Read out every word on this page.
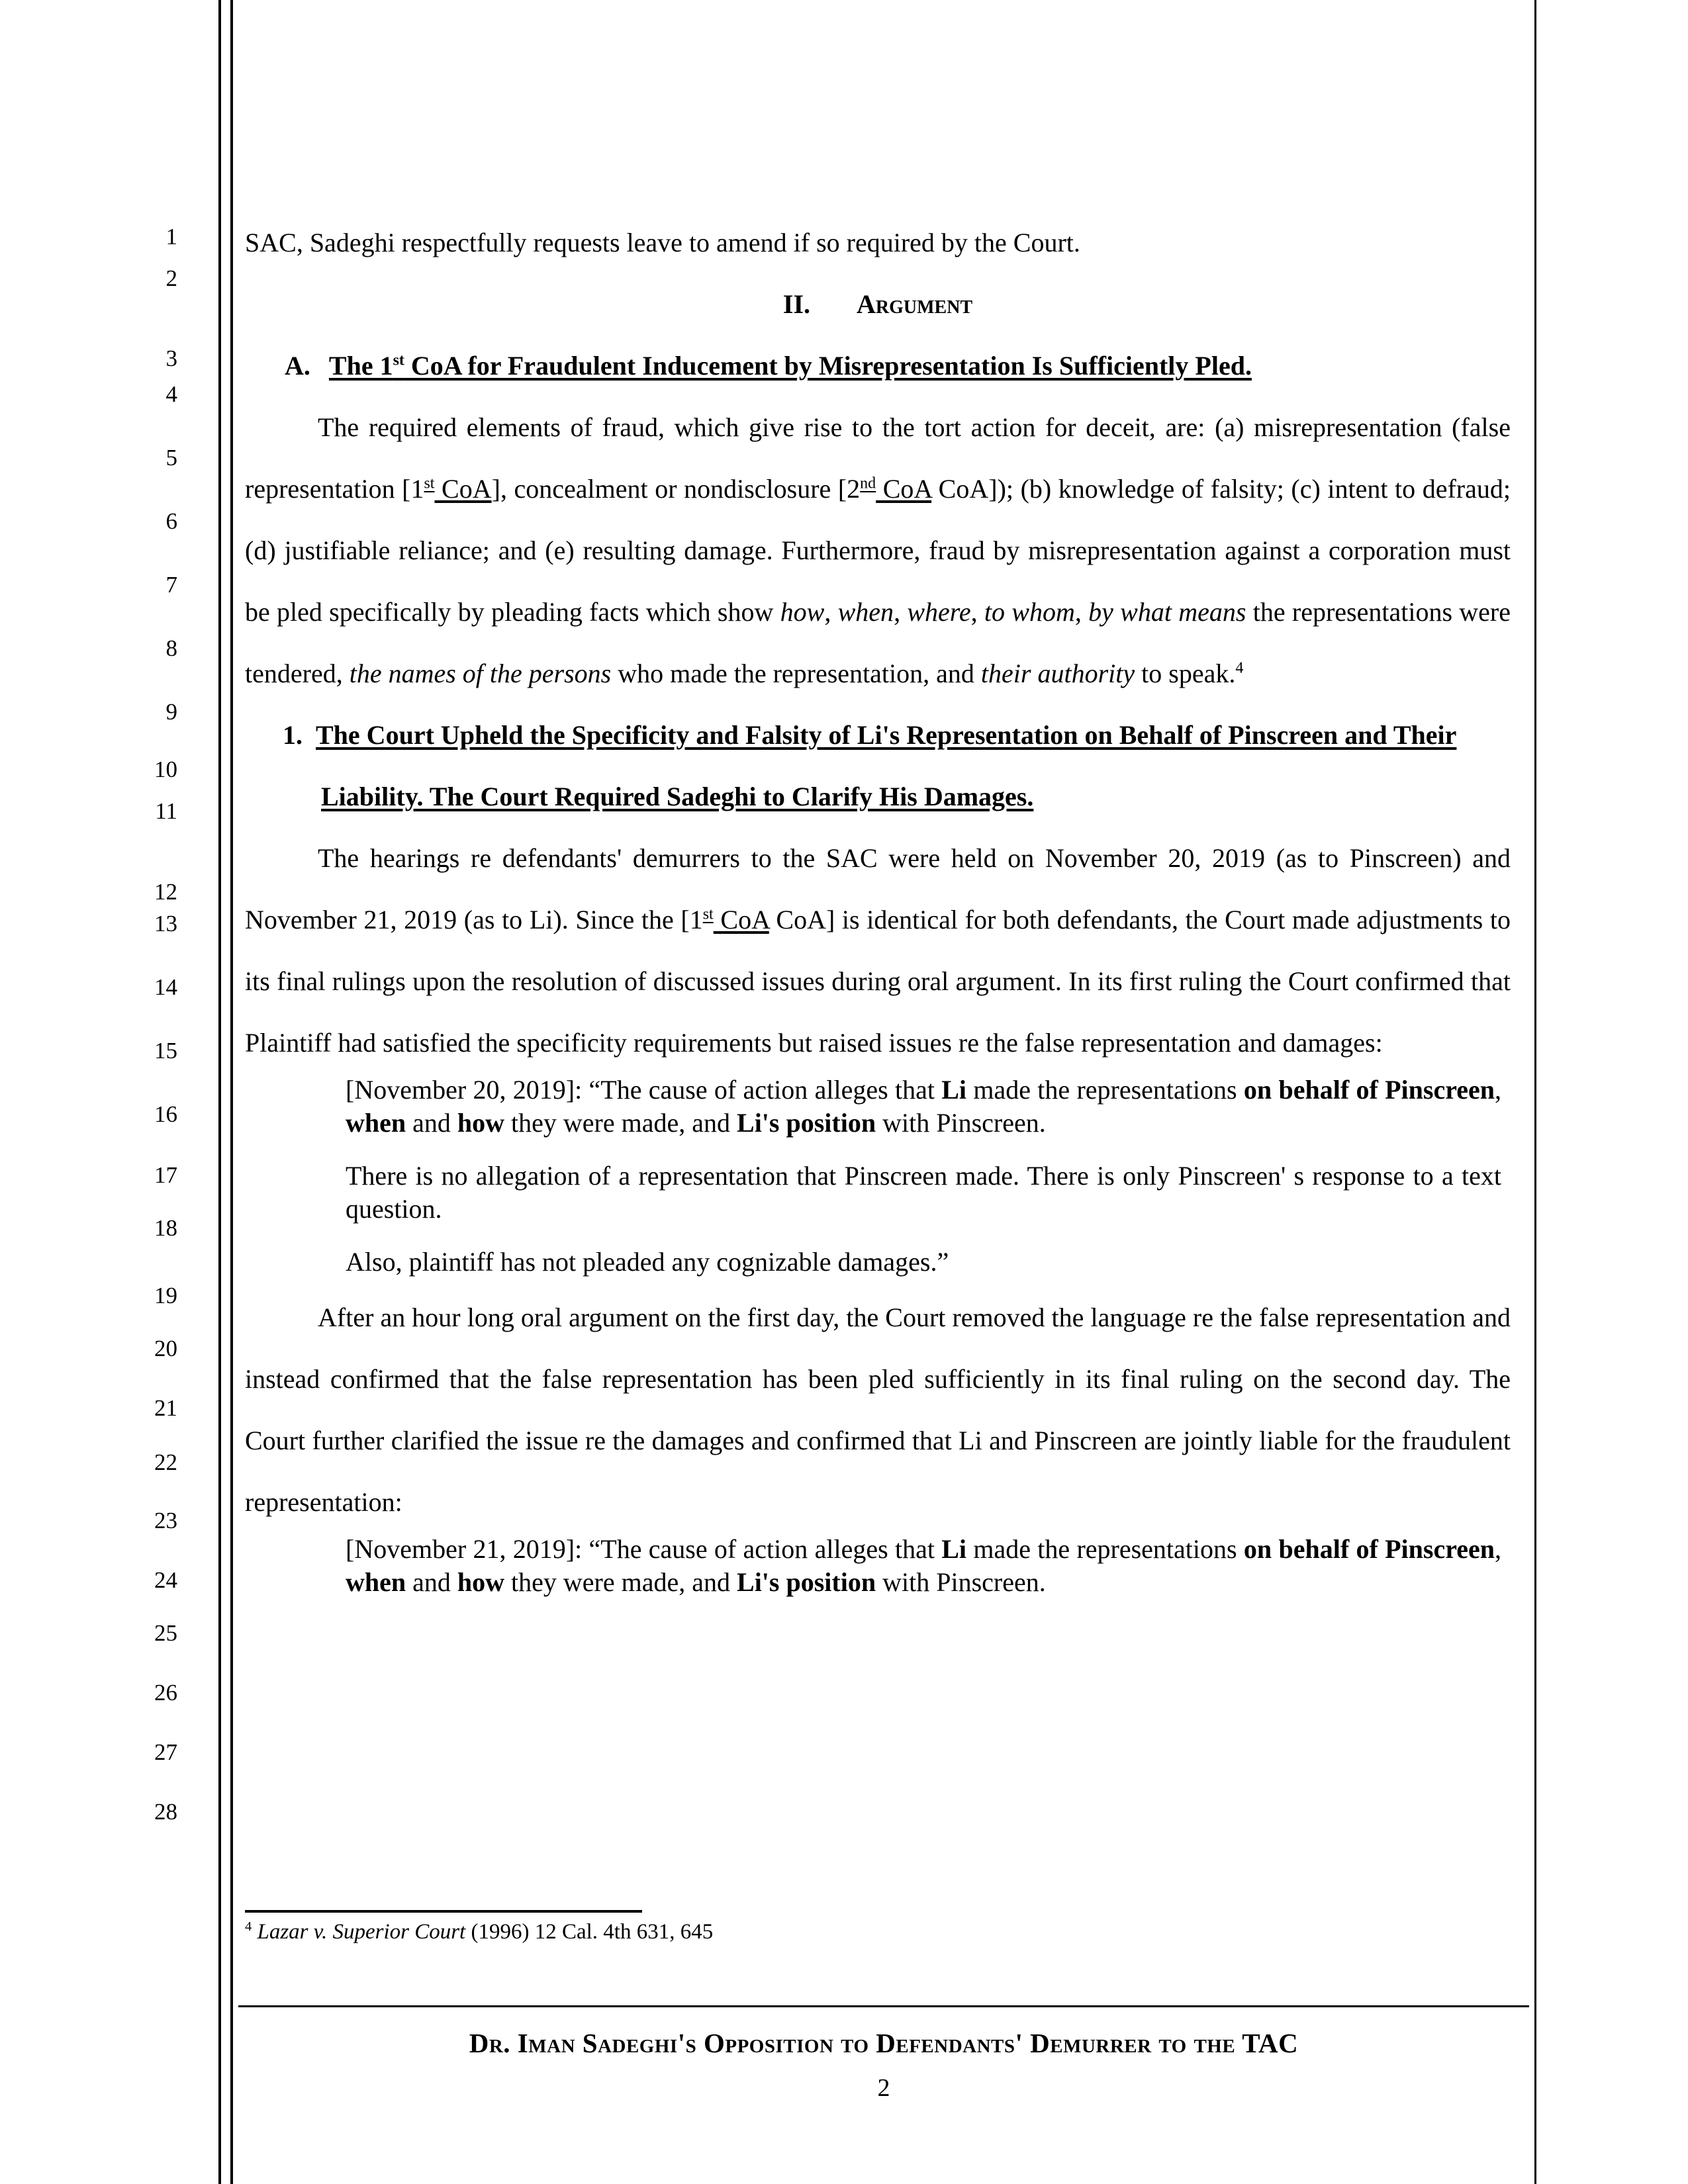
1
2
3
4
5
6
7
8
9
10
11
12
13
14
15
16
17
18
19
20
21
22
23
24
25
26
27
28

SAC, Sadeghi respectfully requests leave to amend if so required by the Court.

II. Argument

A. The 1st CoA for Fraudulent Inducement by Misrepresentation Is Sufficiently Pled.

The required elements of fraud, which give rise to the tort action for deceit, are: (a) misrepresentation (false representation [1st CoA], concealment or nondisclosure [2nd CoA CoA]); (b) knowledge of falsity; (c) intent to defraud; (d) justifiable reliance; and (e) resulting damage. Furthermore, fraud by misrepresentation against a corporation must be pled specifically by pleading facts which show how, when, where, to whom, by what means the representations were tendered, the names of the persons who made the representation, and their authority to speak.$^4$

1. The Court Upheld the Specificity and Falsity of Li's Representation on Behalf of Pinscreen and Their Liability. The Court Required Sadeghi to Clarify His Damages.

The hearings re defendants' demurrers to the SAC were held on November 20, 2019 (as to Pinscreen) and November 21, 2019 (as to Li). Since the [1st CoA CoA] is identical for both defendants, the Court made adjustments to its final rulings upon the resolution of discussed issues during oral argument. In its first ruling the Court confirmed that Plaintiff had satisfied the specificity requirements but raised issues re the false representation and damages:

[November 20, 2019]: “The cause of action alleges that Li made the representations on behalf of Pinscreen, when and how they were made, and Li's position with Pinscreen.
There is no allegation of a representation that Pinscreen made. There is only Pinscreen' s response to a text question.
Also, plaintiff has not pleaded any cognizable damages.”

After an hour long oral argument on the first day, the Court removed the language re the false representation and instead confirmed that the false representation has been pled sufficiently in its final ruling on the second day. The Court further clarified the issue re the damages and confirmed that Li and Pinscreen are jointly liable for the fraudulent representation:

[November 21, 2019]: “The cause of action alleges that Li made the representations on behalf of Pinscreen, when and how they were made, and Li's position with Pinscreen.

$^4$ Lazar v. Superior Court (1996) 12 Cal. 4th 631, 645

Dr. Iman Sadeghi's Opposition to Defendants' Demurrer to the TAC

2
